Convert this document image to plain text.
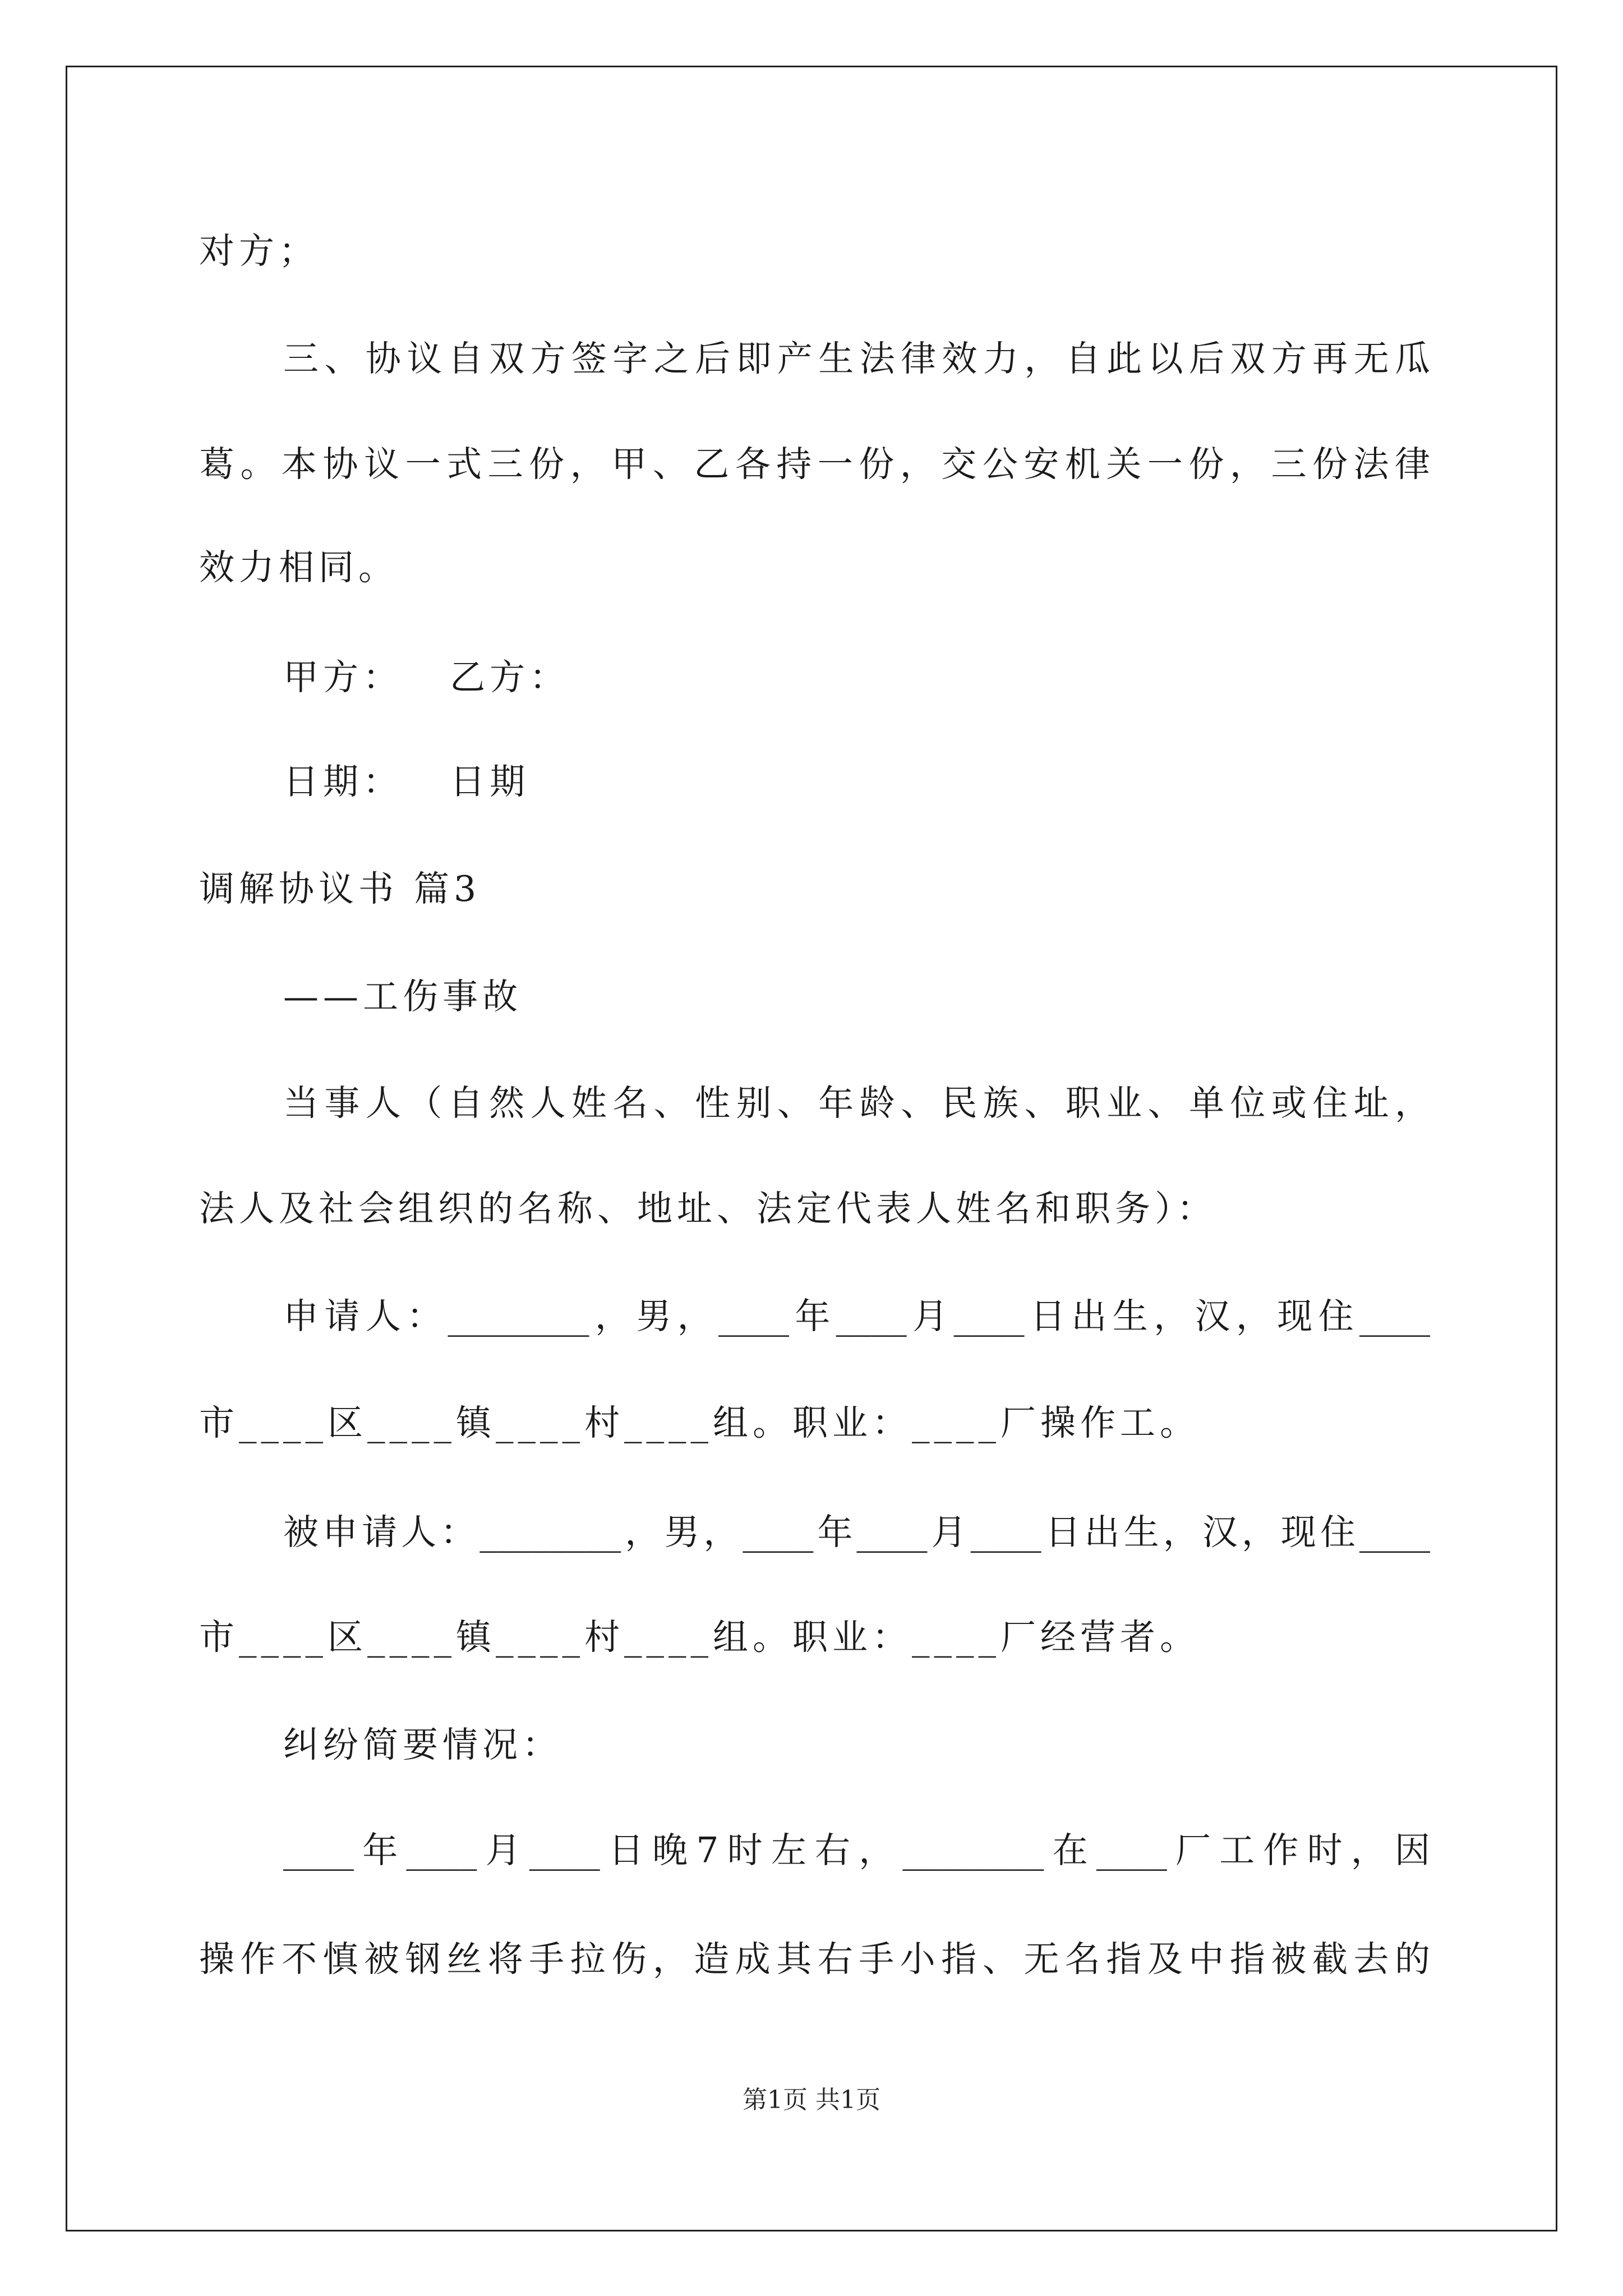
对方；
三、协议自双方签字之后即产生法律效力，自此以后双方再无瓜
葛。本协议一式三份，甲、乙各持一份，交公安机关一份，三份法律
效力相同。
甲方：   乙方：
日期：   日期
调解协议书 篇3
——工伤事故
当事人（自然人姓名、性别、年龄、民族、职业、单位或住址，
法人及社会组织的名称、地址、法定代表人姓名和职务）：
申请人：________，男，____年____月____日出生，汉，现住____
市____区____镇____村____组。职业：____厂操作工。
被申请人：________，男，____年____月____日出生，汉，现住____
市____区____镇____村____组。职业：____厂经营者。
纠纷简要情况：
____年____月____日晚7时左右，________在____厂工作时，因
操作不慎被钢丝将手拉伤，造成其右手小指、无名指及中指被截去的
第1页 共1页
